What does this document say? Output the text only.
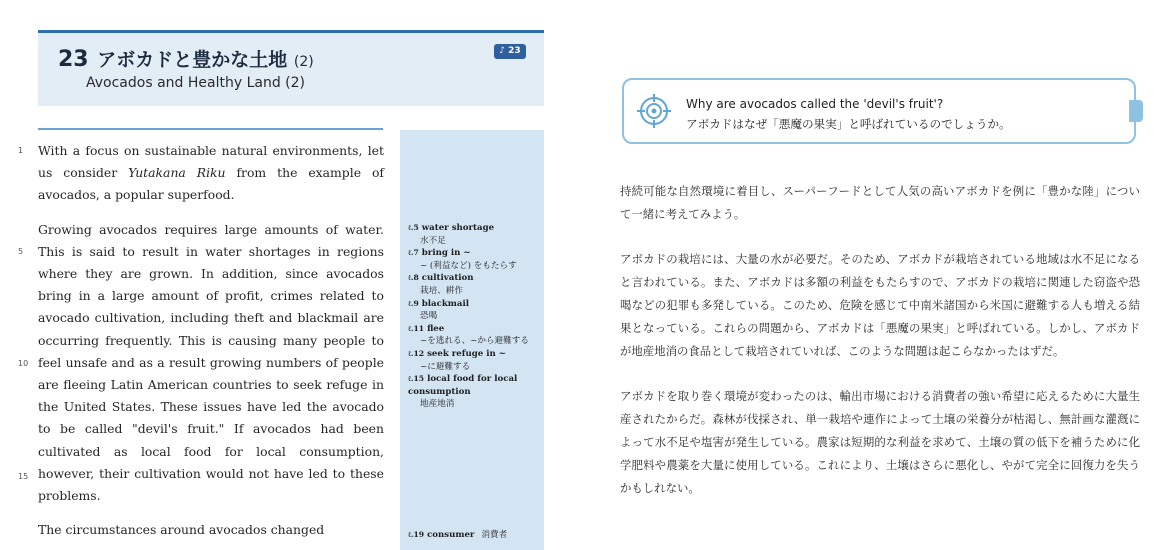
23 アボカドと豊かな土地 (2)
Avocados and Healthy Land (2)
♪ 23
1
5
10
15

With a focus on sustainable natural environments, let us consider Yutakana Riku from the example of avocados, a popular superfood.

Growing avocados requires large amounts of water. This is said to result in water shortages in regions where they are grown. In addition, since avocados bring in a large amount of profit, crimes related to avocado cultivation, including theft and blackmail are occurring frequently. This is causing many people to feel unsafe and as a result growing numbers of people are fleeing Latin American countries to seek refuge in the United States. These issues have led the avocado to be called "devil's fruit." If avocados had been cultivated as local food for local consumption, however, their cultivation would not have led to these problems.

The circumstances around avocados changed

ℓ.5 water shortage
水不足
ℓ.7 bring in ~
~ (利益など) をもたらす
ℓ.8 cultivation
栽培、耕作
ℓ.9 blackmail
恐喝
ℓ.11 flee
~を逃れる、~から避難する
ℓ.12 seek refuge in ~
~に避難する
ℓ.15 local food for local consumption
地産地消
ℓ.19 consumer 消費者
Why are avocados called the 'devil's fruit'?
アボカドはなぜ「悪魔の果実」と呼ばれているのでしょうか。

持続可能な自然環境に着目し、スーパーフードとして人気の高いアボカドを例に「豊かな陸」について一緒に考えてみよう。

アボカドの栽培には、大量の水が必要だ。そのため、アボカドが栽培されている地域は水不足になると言われている。また、アボカドは多額の利益をもたらすので、アボカドの栽培に関連した窃盗や恐喝などの犯罪も多発している。このため、危険を感じて中南米諸国から米国に避難する人も増える結果となっている。これらの問題から、アボカドは「悪魔の果実」と呼ばれている。しかし、アボカドが地産地消の食品として栽培されていれば、このような問題は起こらなかったはずだ。

アボカドを取り巻く環境が変わったのは、輸出市場における消費者の強い希望に応えるために大量生産されたからだ。森林が伐採され、単一栽培や連作によって土壌の栄養分が枯渇し、無計画な灌漑によって水不足や塩害が発生している。農家は短期的な利益を求めて、土壌の質の低下を補うために化学肥料や農薬を大量に使用している。これにより、土壌はさらに悪化し、やがて完全に回復力を失うかもしれない。
